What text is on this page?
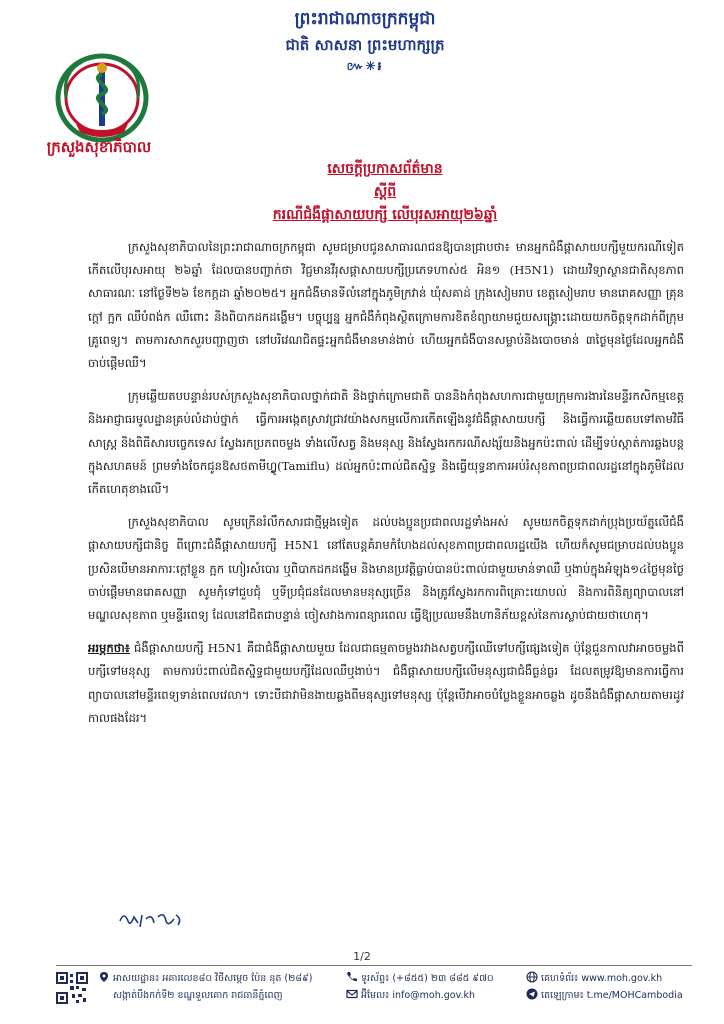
ព្រះរាជាណាចក្រកម្ពុជា
ជាតិ សាសនា ព្រះមហាក្សត្រ
៚✳៛
ក្រសួងសុខាភិបាល
សេចក្ដីប្រកាសព័ត៌មាន
ស្ដីពី
ករណីជំងឺផ្ដាសាយបក្សី លើបុរសអាយុ២៦ឆ្នាំ

ក្រសួងសុខាភិបាលនៃព្រះរាជាណាចក្រកម្ពុជា សូមជម្រាបជូនសាធារណជនឱ្យបានជ្រាបថា៖ មានអ្នកជំងឺផ្ដាសាយបក្សីមួយករណីទៀត កើតលើបុរសអាយុ ២៦ឆ្នាំ ដែលបានបញ្ជាក់ថា វិជ្ជមានវីរុសផ្ដាសាយបក្សីប្រភេទហាស់៥ អិន១ (H5N1) ដោយវិទ្យាស្ថានជាតិសុខភាពសាធារណៈ នៅថ្ងៃទី២៦ ខែកក្កដា ឆ្នាំ២០២៥។ អ្នកជំងឺមានទីលំនៅក្នុងភូមិក្រវាន់ ឃុំសគាដ់ ក្រុងសៀមរាប ខេត្តសៀមរាប មានរោគសញ្ញា គ្រុនក្ដៅ ក្អក ឈឺបំពង់ក ឈឺពោះ និងពិបាកដកដង្ហើម។ បច្ចុប្បន្ន អ្នកជំងឺកំពុងស្ថិតក្រោមការខិតខំព្យាយាមជួយសង្គ្រោះដោយយកចិត្តទុកដាក់ពីក្រុមគ្រូពេទ្យ។ តាមការសាកសួរបញ្ជាញថា នៅបរិវេណជិតផ្ទះអ្នកជំងឺមានមាន់ងាប់ ហើយអ្នកជំងឺបានសម្លាប់និងបោចមាន់ ៣ថ្ងៃមុនថ្ងៃដែលអ្នកជំងឺចាប់ផ្ដើមឈឺ។

ក្រុមឆ្លើយតបបន្ទាន់របស់ក្រសួងសុខាភិបាលថ្នាក់ជាតិ និងថ្នាក់ក្រោមជាតិ បាននិងកំពុងសហការជាមួយក្រុមការងារនៃមន្ទីរកសិកម្មខេត្តនិងអាជ្ញាធរមូលដ្ឋានគ្រប់លំដាប់ថ្នាក់ ធ្វើការអង្កេតស្រាវជ្រាវយ៉ាងសកម្មលើការកើតឡើងនូវជំងឺផ្ដាសាយបក្សី និងធ្វើការឆ្លើយតបទៅតាមវិធីសាស្ត្រ និងពិធីសារបច្ចេកទេស ស្វែងរកប្រភពចម្លង ទាំងលើសត្វ និងមនុស្ស និងស្វែងរកករណីសង្ស័យនិងអ្នកប៉ះពាល់ ដើម្បីទប់ស្កាត់ការឆ្លងបន្តក្នុងសហគមន៍ ព្រមទាំងចែកជូនឱសថតាមីហ្វ្លូ(Tamiflu) ដល់អ្នកប៉ះពាល់ជិតស្និទ្ធ និងធ្វើយុទ្ធនាការអប់រំសុខភាពប្រជាពលរដ្ឋនៅក្នុងភូមិដែលកើតហេតុខាងលើ។

ក្រសួងសុខាភិបាល សូមក្រើនរំលឹកសារជាថ្មីម្ដងទៀត ដល់បងប្អូនប្រជាពលរដ្ឋទាំងអស់ សូមយកចិត្តទុកដាក់ប្រុងប្រយ័ត្នលើជំងឺផ្ដាសាយបក្សីជានិច្ច ពីព្រោះជំងឺផ្ដាសាយបក្សី H5N1 នៅតែបន្តគំរាមកំហែងដល់សុខភាពប្រជាពលរដ្ឋយើង ហើយក៏សូមជម្រាបដល់បងប្អូន ប្រសិនបើមានអាការៈក្ដៅខ្លួន ក្អក ហៀរសំបោរ ឬពិបាកដកដង្ហើម និងមានប្រវត្តិធ្លាប់បានប៉ះពាល់ជាមួយមាន់ទាឈឺ ឬងាប់ក្នុងអំឡុង១៤ថ្ងៃមុនថ្ងៃចាប់ផ្ដើមមានរោគសញ្ញា សូមកុំទៅជួបជុំ ឬទីប្រជុំជនដែលមានមនុស្សច្រើន និងត្រូវស្វែងរកការពិគ្រោះយោបល់ និងការពិនិត្យព្យាបាលនៅមណ្ឌលសុខភាព ឬមន្ទីរពេទ្យ ដែលនៅជិតជាបន្ទាន់ ចៀសវាងការពន្យារពេល ធ្វើឱ្យប្រឈមនឹងហានិភ័យខ្ពស់នៃការស្លាប់ជាយថាហេតុ។

អរម្ភកថា៖ ជំងឺផ្ដាសាយបក្សី H5N1 គឺជាជំងឺផ្ដាសាយមួយ ដែលជាធម្មតាចម្លងរវាងសត្វបក្សីឈើទៅបក្សីផ្សេងទៀត ប៉ុន្តែជួនកាលវាអាចចម្លងពីបក្សីទៅមនុស្ស តាមការប៉ះពាល់ជិតស្និទ្ធជាមួយបក្សីដែលឈឺឬងាប់។ ជំងឺផ្ដាសាយបក្សីលើមនុស្សជាជំងឺធ្ងន់ធ្ងរ ដែលតម្រូវឱ្យមានការធ្វើការព្យាបាលនៅមន្ទីរពេទ្យទាន់ពេលវេលា។ ទោះបីជាវាមិនងាយឆ្លងពីមនុស្សទៅមនុស្ស ប៉ុន្តែបើវាអាចបំប្លែងខ្លួនអាចឆ្លង ដូចនឹងជំងឺផ្ដាសាយតាមរដូវកាលផងដែរ។

1/2
អាសយដ្ឋាន៖ អគារលេខ៨០ វិថីសម្ដេច ប៉ែន នុត (២៨៩)
សង្កាត់បឹងកក់ទី២ ខណ្ឌទួលគោក រាជធានីភ្នំពេញ
ទូរស័ព្ទ៖ (+៨៥៥) ២៣ ៨៨៥ ៩៧០
អ៊ីមែល៖ info@moh.gov.kh
គេហទំព័រ៖ www.moh.gov.kh
តេឡេក្រាម៖ t.me/MOHCambodia
